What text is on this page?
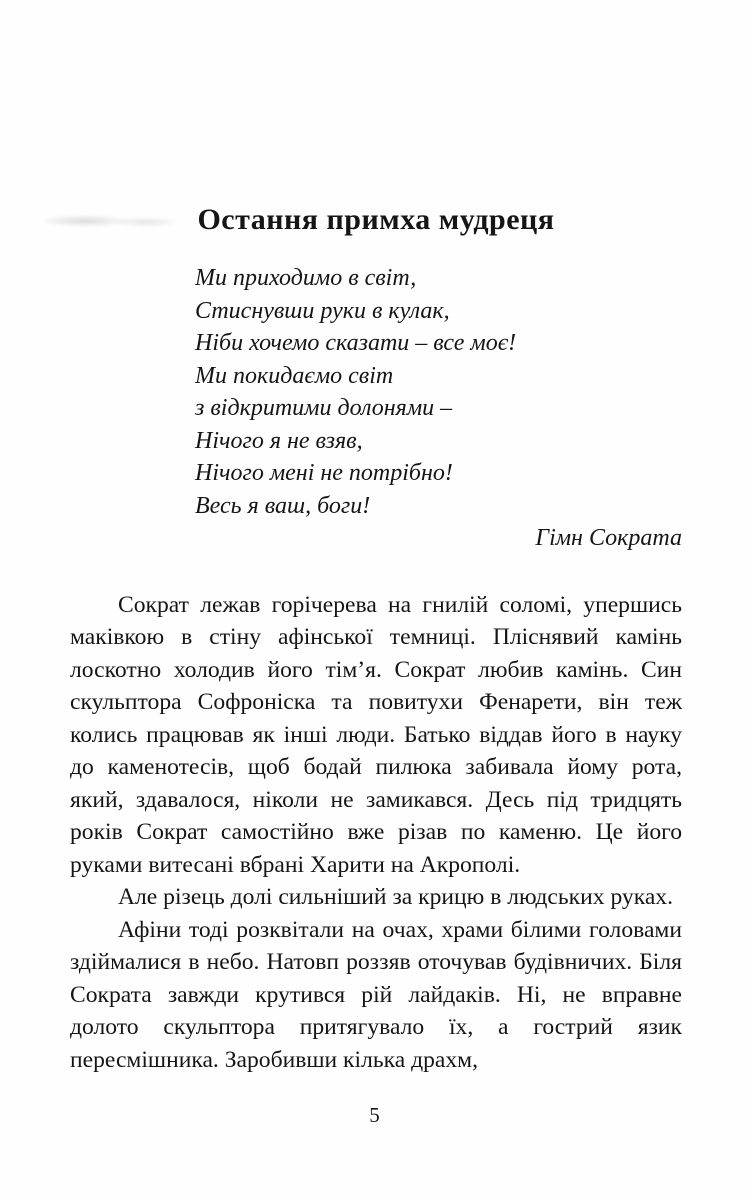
Остання примха мудреця
Ми приходимо в світ,
Стиснувши руки в кулак,
Ніби хочемо сказати – все моє!
Ми покидаємо світ
з відкритими долонями –
Нічого я не взяв,
Нічого мені не потрібно!
Весь я ваш, боги!
Гімн Сократа

Сократ лежав горічерева на гнилій соломі, упершись маківкою в стіну афінської темниці. Пліснявий камінь лоскотно холодив його тім’я. Сократ любив камінь. Син скульптора Софроніска та повитухи Фенарети, він теж колись працював як інші люди. Батько віддав його в науку до каменотесів, щоб бодай пилюка забивала йому рота, який, здавалося, ніколи не замикався. Десь під тридцять років Сократ самостійно вже різав по каменю. Це його руками витесані вбрані Харити на Акрополі.

Але різець долі сильніший за крицю в людських руках.

Афіни тоді розквітали на очах, храми білими головами здіймалися в небо. Натовп роззяв оточував будівничих. Біля Сократа завжди крутився рій лайдаків. Ні, не вправне долото скульптора притягувало їх, а гострий язик пересмішника. Заробивши кілька драхм,

5
